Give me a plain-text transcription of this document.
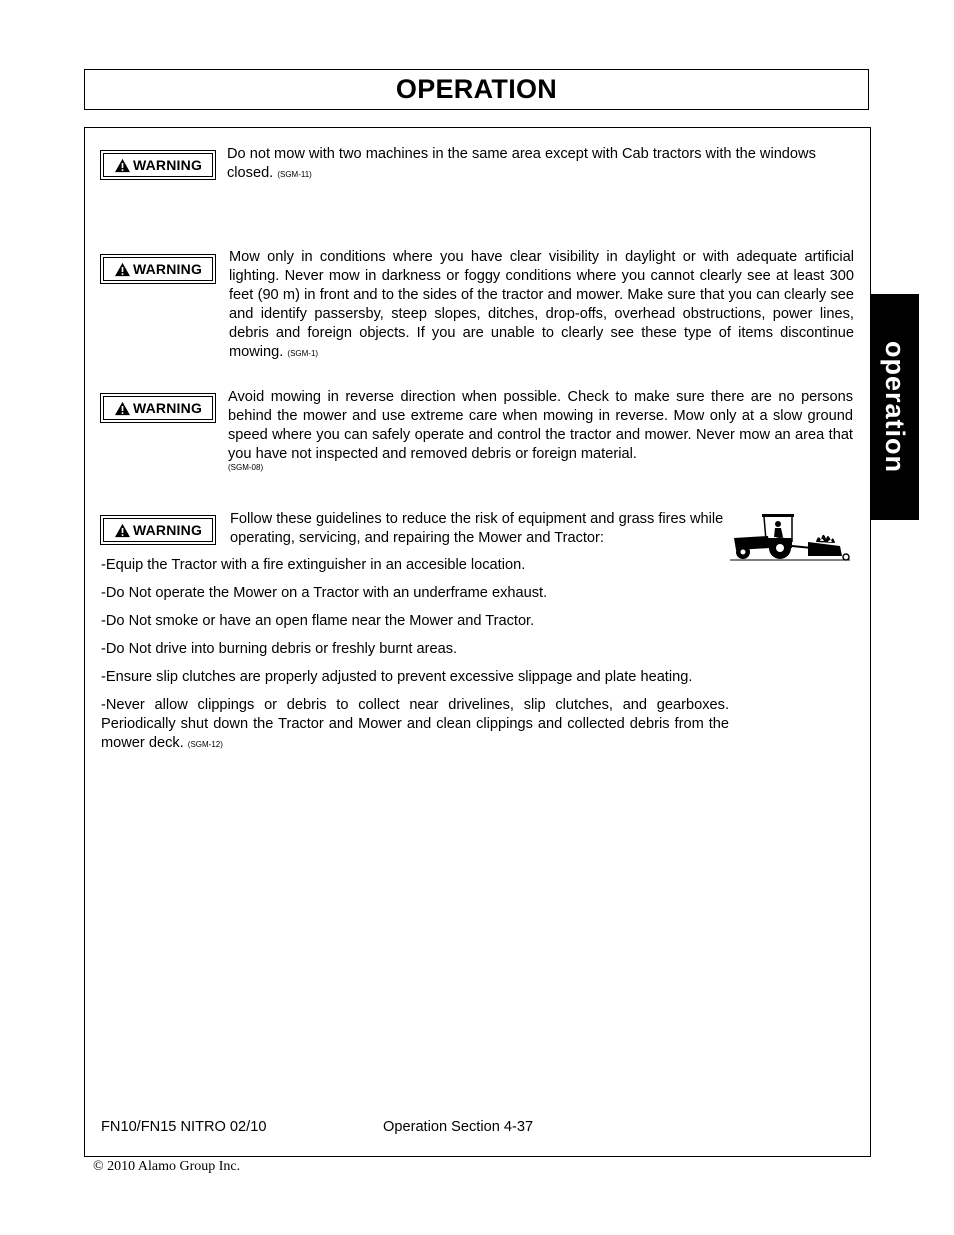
OPERATION
operation
WARNING

Do not mow with two machines in the same area except with Cab tractors with the windows closed. (SGM-11)

WARNING

Mow only in conditions where you have clear visibility in daylight or with adequate artificial lighting. Never mow in darkness or foggy conditions where you cannot clearly see at least 300 feet (90 m) in front and to the sides of the tractor and mower. Make sure that you can clearly see and identify passersby, steep slopes, ditches, drop-offs, overhead obstructions, power lines, debris and foreign objects. If you are unable to clearly see these type of items discontinue mowing. (SGM-1)

WARNING

Avoid mowing in reverse direction when possible. Check to make sure there are no persons behind the mower and use extreme care when mowing in reverse. Mow only at a slow ground speed where you can safely operate and control the tractor and mower. Never mow an area that you have not inspected and removed debris or foreign material.

(SGM-08)
WARNING

Follow these guidelines to reduce the risk of equipment and grass fires while operating, servicing, and repairing the Mower and Tractor:

-Equip the Tractor with a fire extinguisher in an accesible location.

-Do Not operate the Mower on a Tractor with an underframe exhaust.

-Do Not smoke or have an open flame near the Mower and Tractor.

-Do Not drive into burning debris or freshly burnt areas.

-Ensure slip clutches are properly adjusted to prevent excessive slippage and plate heating.

-Never allow clippings or debris to collect near drivelines, slip clutches, and gearboxes. Periodically shut down the Tractor and Mower and clean clippings and collected debris from the mower deck. (SGM-12)

FN10/FN15 NITRO 02/10	Operation Section 4-37
© 2010 Alamo Group Inc.
